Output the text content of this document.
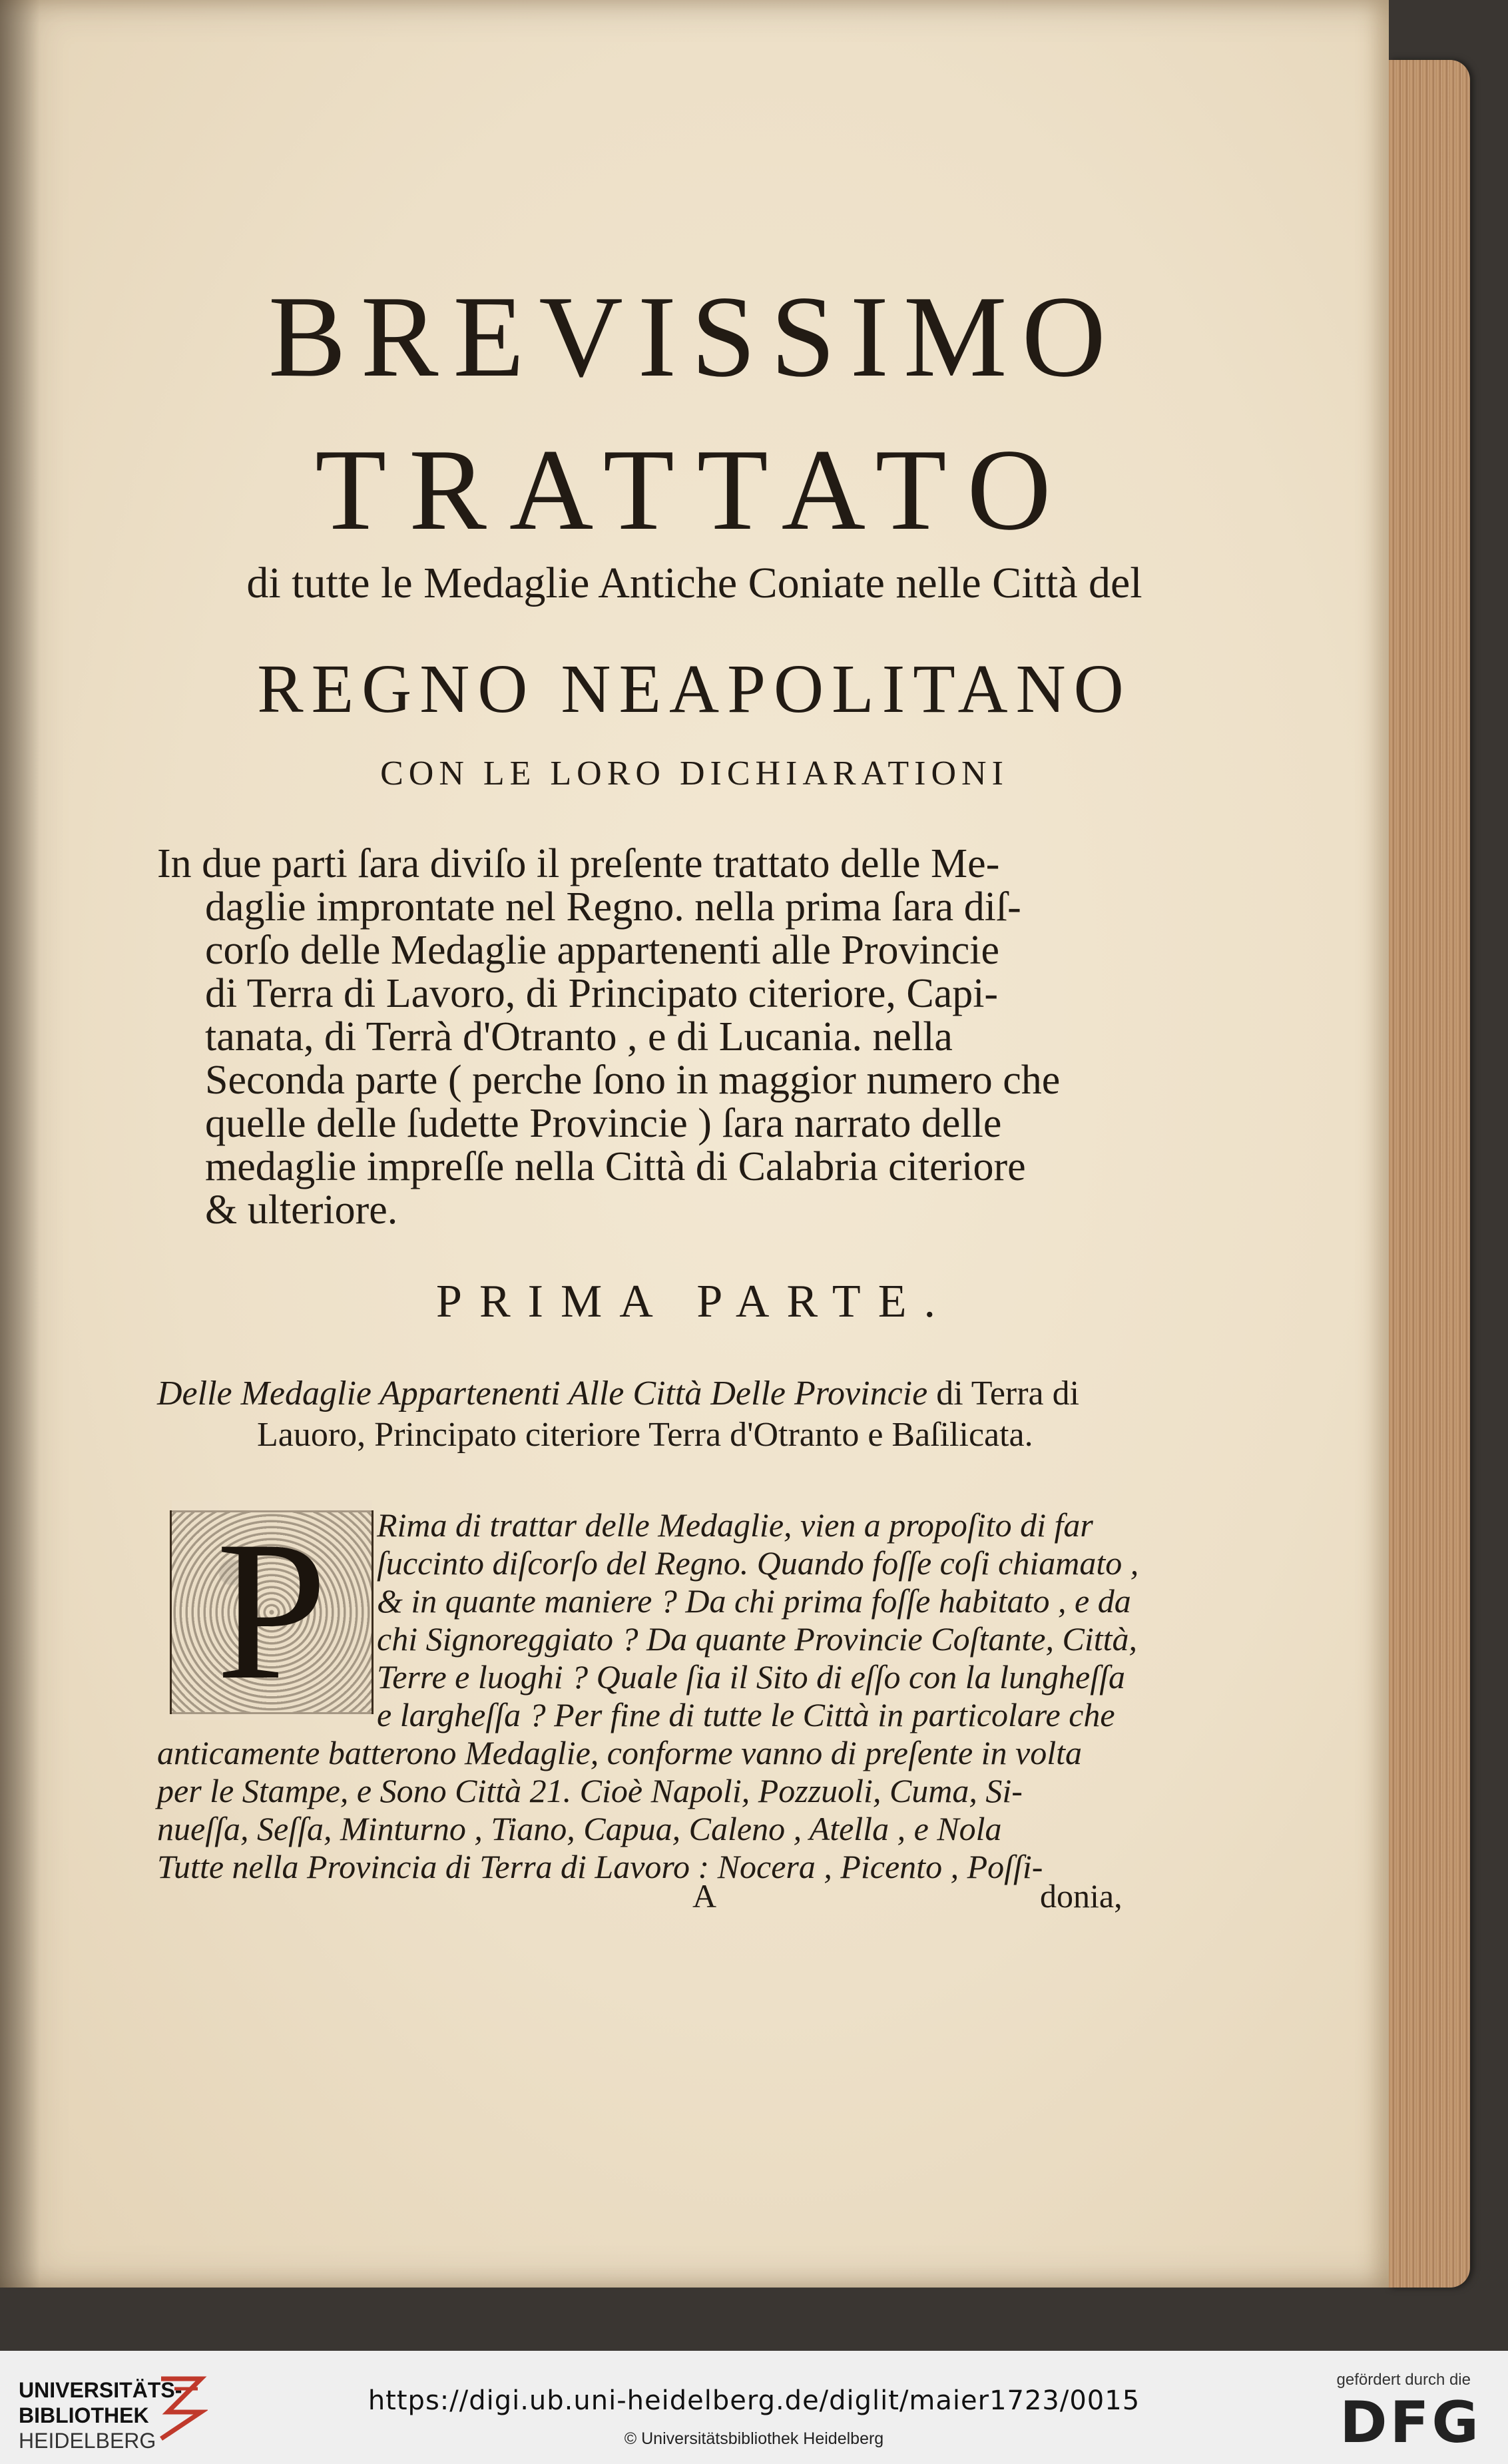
BREVISSIMO
TRATTATO
di tutte le Medaglie Antiche Coniate nelle Città del
REGNO NEAPOLITANO
CON LE LORO DICHIARATIONI
In due parti ſara diviſo il preſente trattato delle Me-
daglie improntate nel Regno. nella prima ſara diſ-
corſo delle Medaglie appartenenti alle Provincie
di Terra di Lavoro, di Principato citeriore, Capi-
tanata, di Terrà d'Otranto , e di Lucania. nella
Seconda parte ( perche ſono in maggior numero che
quelle delle ſudette Provincie ) ſara narrato delle
medaglie impreſſe nella Città di Calabria citeriore
& ulteriore.
PRIMA PARTE.
Delle Medaglie Appartenenti Alle Città Delle Provincie di Terra di
Lauoro, Principato citeriore Terra d'Otranto e Baſilicata.
P	Rima di trattar delle Medaglie, vien a propoſito di far
ſuccinto diſcorſo del Regno. Quando foſſe coſi chiamato ,
& in quante maniere ? Da chi prima foſſe habitato , e da
chi Signoreggiato ? Da quante Provincie Coſtante, Città,
Terre e luoghi ? Quale ſia il Sito di eſſo con la lungheſſa
e largheſſa ? Per fine di tutte le Città in particolare che
anticamente batterono Medaglie, conforme vanno di preſente in volta
per le Stampe, e Sono Città 21. Cioè Napoli, Pozzuoli, Cuma, Si-
nueſſa, Seſſa, Minturno , Tiano, Capua, Caleno , Atella , e Nola
Tutte nella Provincia di Terra di Lavoro : Nocera , Picento , Poſſi-
A	donia,
UNIVERSITÄTS-
BIBLIOTHEK
HEIDELBERG
https://digi.ub.uni-heidelberg.de/diglit/maier1723/0015
© Universitätsbibliothek Heidelberg
gefördert durch die
DFG
